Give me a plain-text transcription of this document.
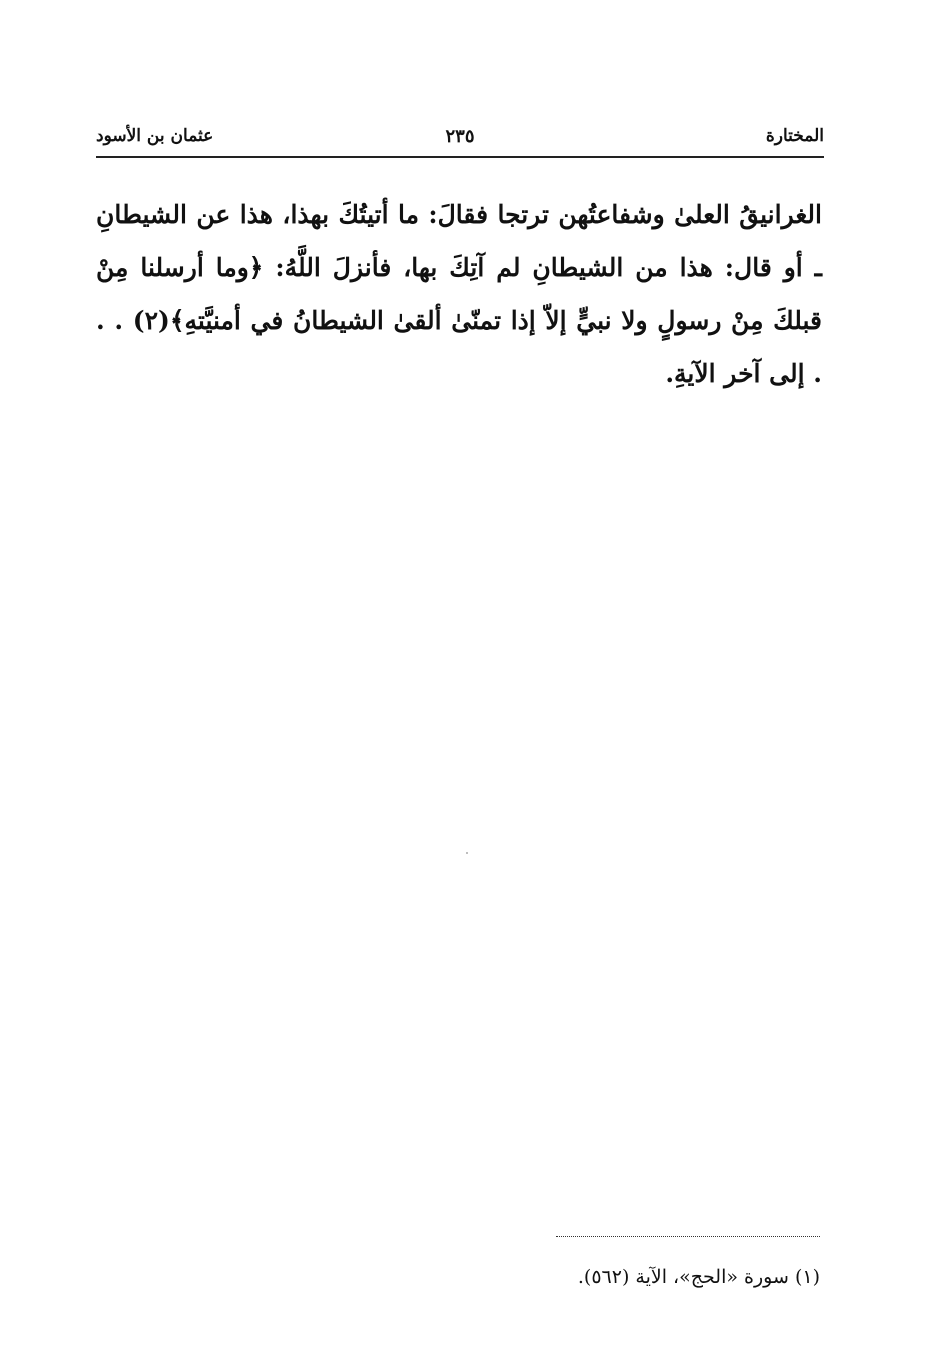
المختارة
٢٣٥
عثمان بن الأسود

الغرانيقُ العلىٰ وشفاعتُهن ترتجا فقالَ: ما أتيتُكَ بهذا، هذا عن الشيطانِ ـ أو قال: هذا من الشيطانِ لم آتِكَ بها، فأنزلَ اللَّهُ: ﴿وما أرسلنا مِنْ قبلكَ مِنْ رسولٍ ولا نبيٍّ إلاّ إذا تمنّىٰ ألقىٰ الشيطانُ في أمنيَّتهِ﴾(٢) . . . إلى آخر الآيةِ.

(١) سورة «الحج»، الآية (٥٦٢).
